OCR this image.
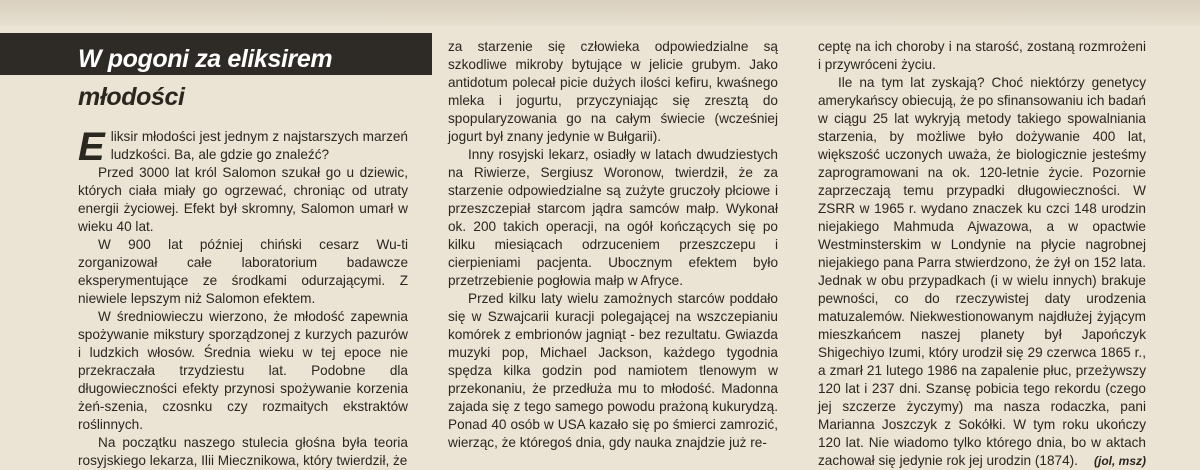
W pogoni za eliksirem
młodości

Eliksir młodości jest jednym z najstarszych marzeń ludzkości. Ba, ale gdzie go znaleźć?

Przed 3000 lat król Salomon szukał go u dziewic, których ciała miały go ogrzewać, chroniąc od utraty energii życiowej. Efekt był skromny, Salomon umarł w wieku 40 lat.

W 900 lat później chiński cesarz Wu-ti zorganizował całe laboratorium badawcze eksperymentujące ze środkami odurzającymi. Z niewiele lepszym niż Salomon efektem.

W średniowieczu wierzono, że młodość zapewnia spożywanie mikstury sporządzonej z kurzych pazurów i ludzkich włosów. Średnia wieku w tej epoce nie przekraczała trzydziestu lat. Podobne dla długowieczności efekty przynosi spożywanie korzenia żeń-szenia, czosnku czy rozmaitych ekstraktów roślinnych.

Na początku naszego stulecia głośna była teoria rosyjskiego lekarza, Ilii Miecznikowa, który twierdził, że

za starzenie się człowieka odpowiedzialne są szkodliwe mikroby bytujące w jelicie grubym. Jako antidotum polecał picie dużych ilości kefiru, kwaśnego mleka i jogurtu, przyczyniając się zresztą do spopularyzowania go na całym świecie (wcześniej jogurt był znany jedynie w Bułgarii).

Inny rosyjski lekarz, osiadły w latach dwudziestych na Riwierze, Sergiusz Woronow, twierdził, że za starzenie odpowiedzialne są zużyte gruczoły płciowe i przeszczepiał starcom jądra samców małp. Wykonał ok. 200 takich operacji, na ogół kończących się po kilku miesiącach odrzuceniem przeszczepu i cierpieniami pacjenta. Ubocznym efektem było przetrzebienie pogłowia małp w Afryce.

Przed kilku laty wielu zamożnych starców poddało się w Szwajcarii kuracji polegającej na wszczepianiu komórek z embrionów jagniąt - bez rezultatu. Gwiazda muzyki pop, Michael Jackson, każdego tygodnia spędza kilka godzin pod namiotem tlenowym w przekonaniu, że przedłuża mu to młodość. Madonna zajada się z tego samego powodu prażoną kukurydzą. Ponad 40 osób w USA kazało się po śmierci zamrozić, wierząc, że któregoś dnia, gdy nauka znajdzie już re-

ceptę na ich choroby i na starość, zostaną rozmrożeni i przywróceni życiu.

Ile na tym lat zyskają? Choć niektórzy genetycy amerykańscy obiecują, że po sfinansowaniu ich badań w ciągu 25 lat wykryją metody takiego spowalniania starzenia, by możliwe było dożywanie 400 lat, większość uczonych uważa, że biologicznie jesteśmy zaprogramowani na ok. 120-letnie życie. Pozornie zaprzeczają temu przypadki długowieczności. W ZSRR w 1965 r. wydano znaczek ku czci 148 urodzin niejakiego Mahmuda Ajwazowa, a w opactwie Westminsterskim w Londynie na płycie nagrobnej niejakiego pana Parra stwierdzono, że żył on 152 lata. Jednak w obu przypadkach (i w wielu innych) brakuje pewności, co do rzeczywistej daty urodzenia matuzalemów. Niekwestionowanym najdłużej żyjącym mieszkańcem naszej planety był Japończyk Shigechiyo Izumi, który urodził się 29 czerwca 1865 r., a zmarł 21 lutego 1986 na zapalenie płuc, przeżywszy 120 lat i 237 dni. Szansę pobicia tego rekordu (czego jej szczerze życzymy) ma nasza rodaczka, pani Marianna Joszczyk z Sokółki. W tym roku ukończy 120 lat. Nie wiadomo tylko którego dnia, bo w aktach zachował się jedynie rok jej urodzin (1874).	(jol, msz)
